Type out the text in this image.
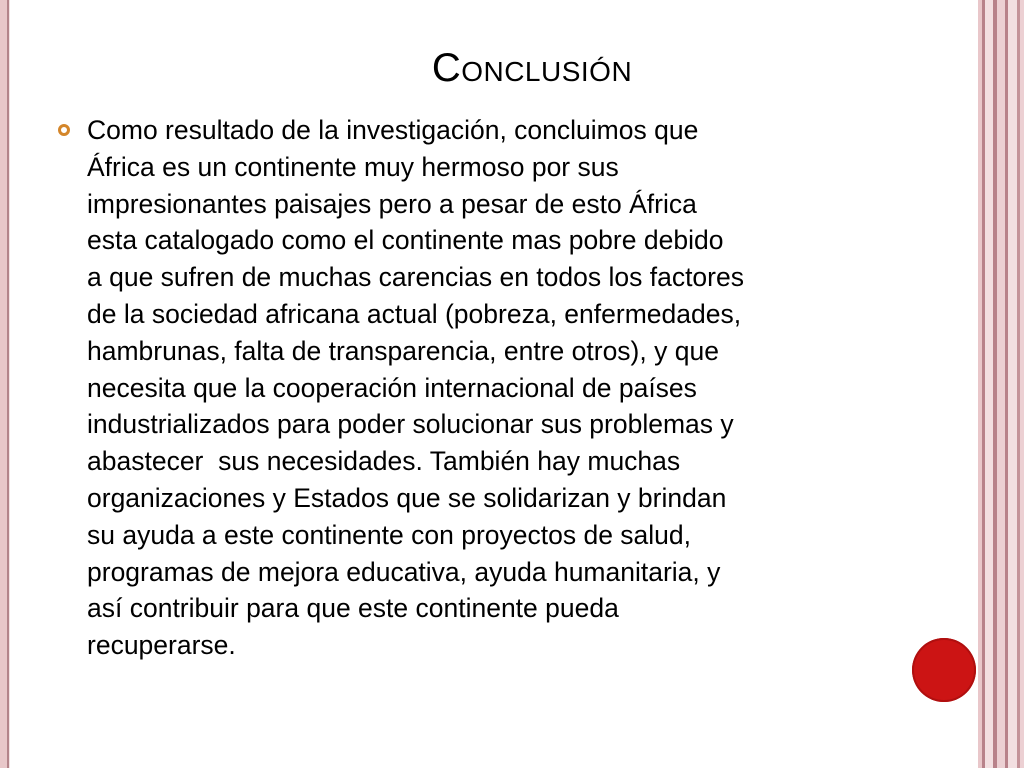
Conclusión
Como resultado de la investigación, concluimos que
África es un continente muy hermoso por sus
impresionantes paisajes pero a pesar de esto África
esta catalogado como el continente mas pobre debido
a que sufren de muchas carencias en todos los factores
de la sociedad africana actual (pobreza, enfermedades,
hambrunas, falta de transparencia, entre otros), y que
necesita que la cooperación internacional de países
industrializados para poder solucionar sus problemas y
abastecer  sus necesidades. También hay muchas
organizaciones y Estados que se solidarizan y brindan
su ayuda a este continente con proyectos de salud,
programas de mejora educativa, ayuda humanitaria, y
así contribuir para que este continente pueda
recuperarse.
